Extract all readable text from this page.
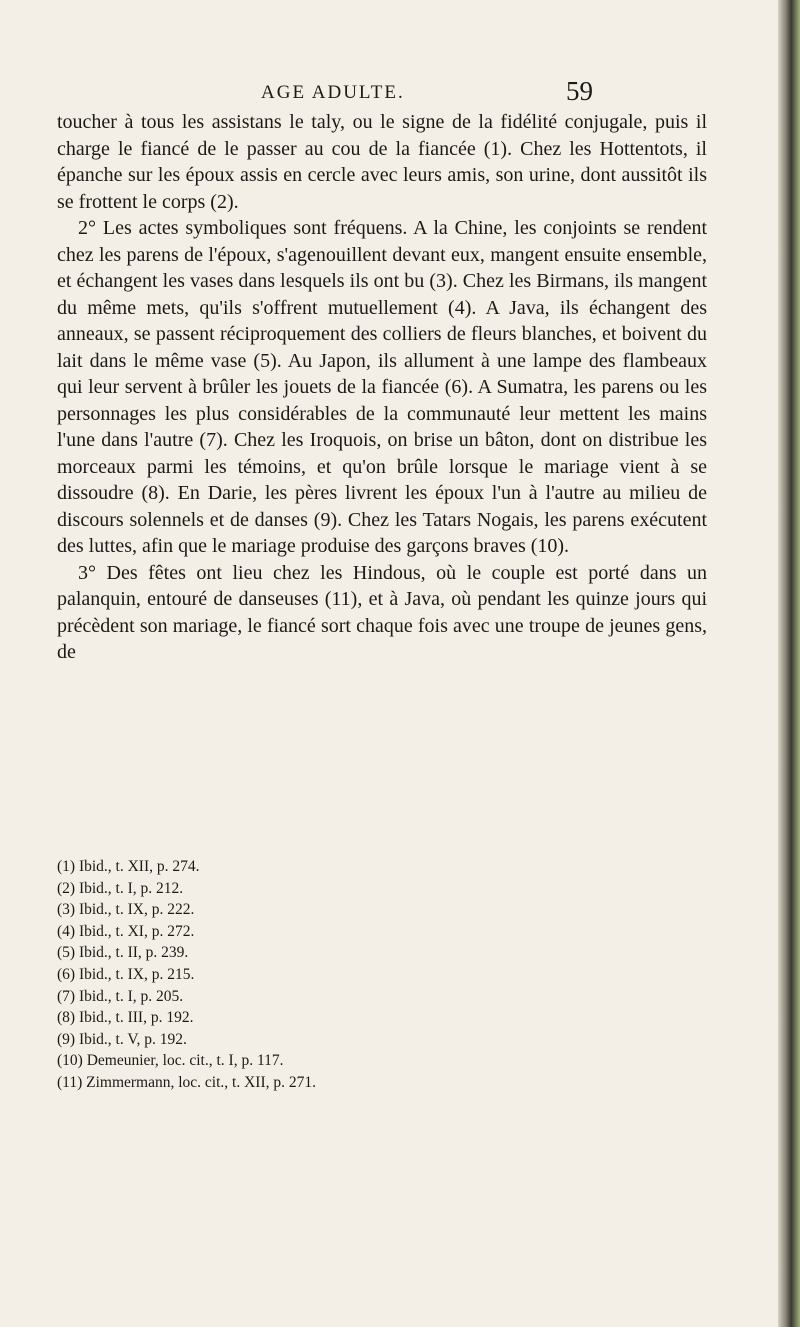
AGE ADULTE.	59

toucher à tous les assistans le taly, ou le signe de la fidélité conjugale, puis il charge le fiancé de le passer au cou de la fiancée (1). Chez les Hottentots, il épanche sur les époux assis en cercle avec leurs amis, son urine, dont aussitôt ils se frottent le corps (2).

2° Les actes symboliques sont fréquens. A la Chine, les conjoints se rendent chez les parens de l'époux, s'agenouillent devant eux, mangent ensuite ensemble, et échangent les vases dans lesquels ils ont bu (3). Chez les Birmans, ils mangent du même mets, qu'ils s'offrent mutuellement (4). A Java, ils échangent des anneaux, se passent réciproquement des colliers de fleurs blanches, et boivent du lait dans le même vase (5). Au Japon, ils allument à une lampe des flambeaux qui leur servent à brûler les jouets de la fiancée (6). A Sumatra, les parens ou les personnages les plus considérables de la communauté leur mettent les mains l'une dans l'autre (7). Chez les Iroquois, on brise un bâton, dont on distribue les morceaux parmi les témoins, et qu'on brûle lorsque le mariage vient à se dissoudre (8). En Darie, les pères livrent les époux l'un à l'autre au milieu de discours solennels et de danses (9). Chez les Tatars Nogais, les parens exécutent des luttes, afin que le mariage produise des garçons braves (10).

3° Des fêtes ont lieu chez les Hindous, où le couple est porté dans un palanquin, entouré de danseuses (11), et à Java, où pendant les quinze jours qui précèdent son mariage, le fiancé sort chaque fois avec une troupe de jeunes gens, de

(1) Ibid., t. XII, p. 274.

(2) Ibid., t. I, p. 212.

(3) Ibid., t. IX, p. 222.

(4) Ibid., t. XI, p. 272.

(5) Ibid., t. II, p. 239.

(6) Ibid., t. IX, p. 215.

(7) Ibid., t. I, p. 205.

(8) Ibid., t. III, p. 192.

(9) Ibid., t. V, p. 192.

(10) Demeunier, loc. cit., t. I, p. 117.

(11) Zimmermann, loc. cit., t. XII, p. 271.
